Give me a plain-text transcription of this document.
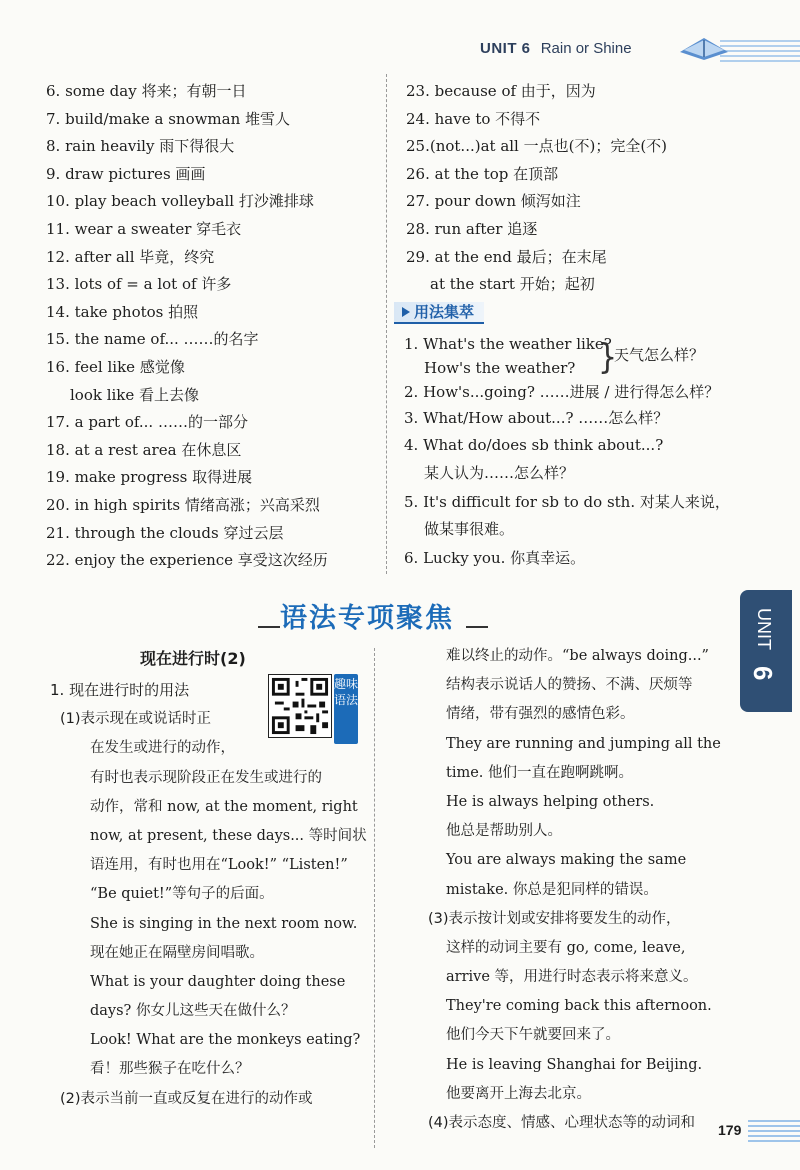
UNIT 6 Rain or Shine
6. some day 将来；有朝一日
7. build/make a snowman 堆雪人
8. rain heavily 雨下得很大
9. draw pictures 画画
10. play beach volleyball 打沙滩排球
11. wear a sweater 穿毛衣
12. after all 毕竟，终究
13. lots of = a lot of 许多
14. take photos 拍照
15. the name of... ……的名字
16. feel like 感觉像
look like 看上去像
17. a part of... ……的一部分
18. at a rest area 在休息区
19. make progress 取得进展
20. in high spirits 情绪高涨；兴高采烈
21. through the clouds 穿过云层
22. enjoy the experience 享受这次经历
23. because of 由于，因为
24. have to 不得不
25.(not...)at all 一点也(不)；完全(不)
26. at the top 在顶部
27. pour down 倾泻如注
28. run after 追逐
29. at the end 最后；在末尾
at the start 开始；起初
用法集萃
1. What's the weather like?
How's the weather? }
天气怎么样？
2. How's...going? ……进展 / 进行得怎么样？
3. What/How about...? ……怎么样？
4. What do/does sb think about...?
某人认为……怎么样？
5. It's difficult for sb to do sth. 对某人来说，
做某事很难。
6. Lucky you. 你真幸运。
语法专项聚焦	UNIT
6
现在进行时(2)
趣味语法
1. 现在进行时的用法
(1)表示现在或说话时正
在发生或进行的动作，
有时也表示现阶段正在发生或进行的
动作，常和 now, at the moment, right
now, at present, these days... 等时间状
语连用，有时也用在“Look!” “Listen!”
“Be quiet!”等句子的后面。
She is singing in the next room now.
现在她正在隔壁房间唱歌。
What is your daughter doing these
days? 你女儿这些天在做什么？
Look! What are the monkeys eating?
看！那些猴子在吃什么？
(2)表示当前一直或反复在进行的动作或
难以终止的动作。“be always doing...”
结构表示说话人的赞扬、不满、厌烦等
情绪，带有强烈的感情色彩。
They are running and jumping all the
time. 他们一直在跑啊跳啊。
He is always helping others.
他总是帮助别人。
You are always making the same
mistake. 你总是犯同样的错误。
(3)表示按计划或安排将要发生的动作，
这样的动词主要有 go, come, leave,
arrive 等，用进行时态表示将来意义。
They're coming back this afternoon.
他们今天下午就要回来了。
He is leaving Shanghai for Beijing.
他要离开上海去北京。
(4)表示态度、情感、心理状态等的动词和	179
